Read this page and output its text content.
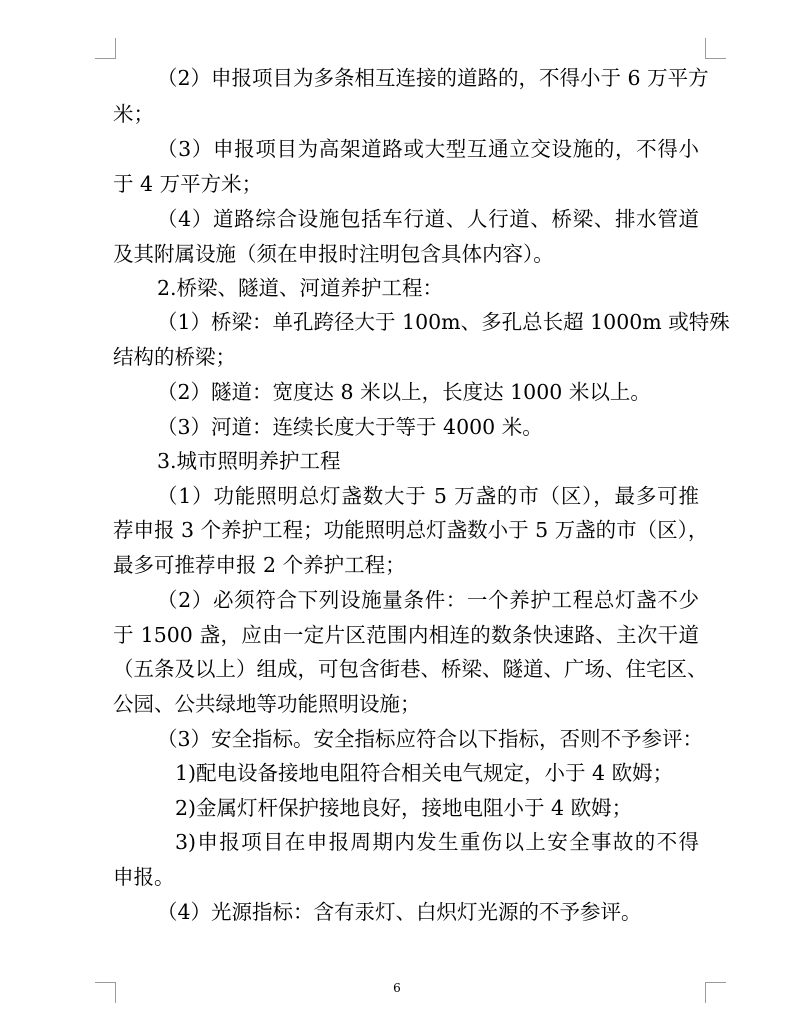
（2）申报项目为多条相互连接的道路的，不得小于 6 万平方
米；
（3）申报项目为高架道路或大型互通立交设施的，不得小
于 4 万平方米；
（4）道路综合设施包括车行道、人行道、桥梁、排水管道
及其附属设施（须在申报时注明包含具体内容）。
2.桥梁、隧道、河道养护工程：
（1）桥梁：单孔跨径大于 100m、多孔总长超 1000m 或特殊
结构的桥梁；
（2）隧道：宽度达 8 米以上，长度达 1000 米以上。
（3）河道：连续长度大于等于 4000 米。
3.城市照明养护工程
（1）功能照明总灯盏数大于 5 万盏的市（区），最多可推
荐申报 3 个养护工程；功能照明总灯盏数小于 5 万盏的市（区），
最多可推荐申报 2 个养护工程；
（2）必须符合下列设施量条件：一个养护工程总灯盏不少
于 1500 盏，应由一定片区范围内相连的数条快速路、主次干道
（五条及以上）组成，可包含街巷、桥梁、隧道、广场、住宅区、
公园、公共绿地等功能照明设施；
（3）安全指标。安全指标应符合以下指标，否则不予参评：
1)配电设备接地电阻符合相关电气规定，小于 4 欧姆；
2)金属灯杆保护接地良好，接地电阻小于 4 欧姆；
3)申报项目在申报周期内发生重伤以上安全事故的不得
申报。
（4）光源指标：含有汞灯、白炽灯光源的不予参评。
6
